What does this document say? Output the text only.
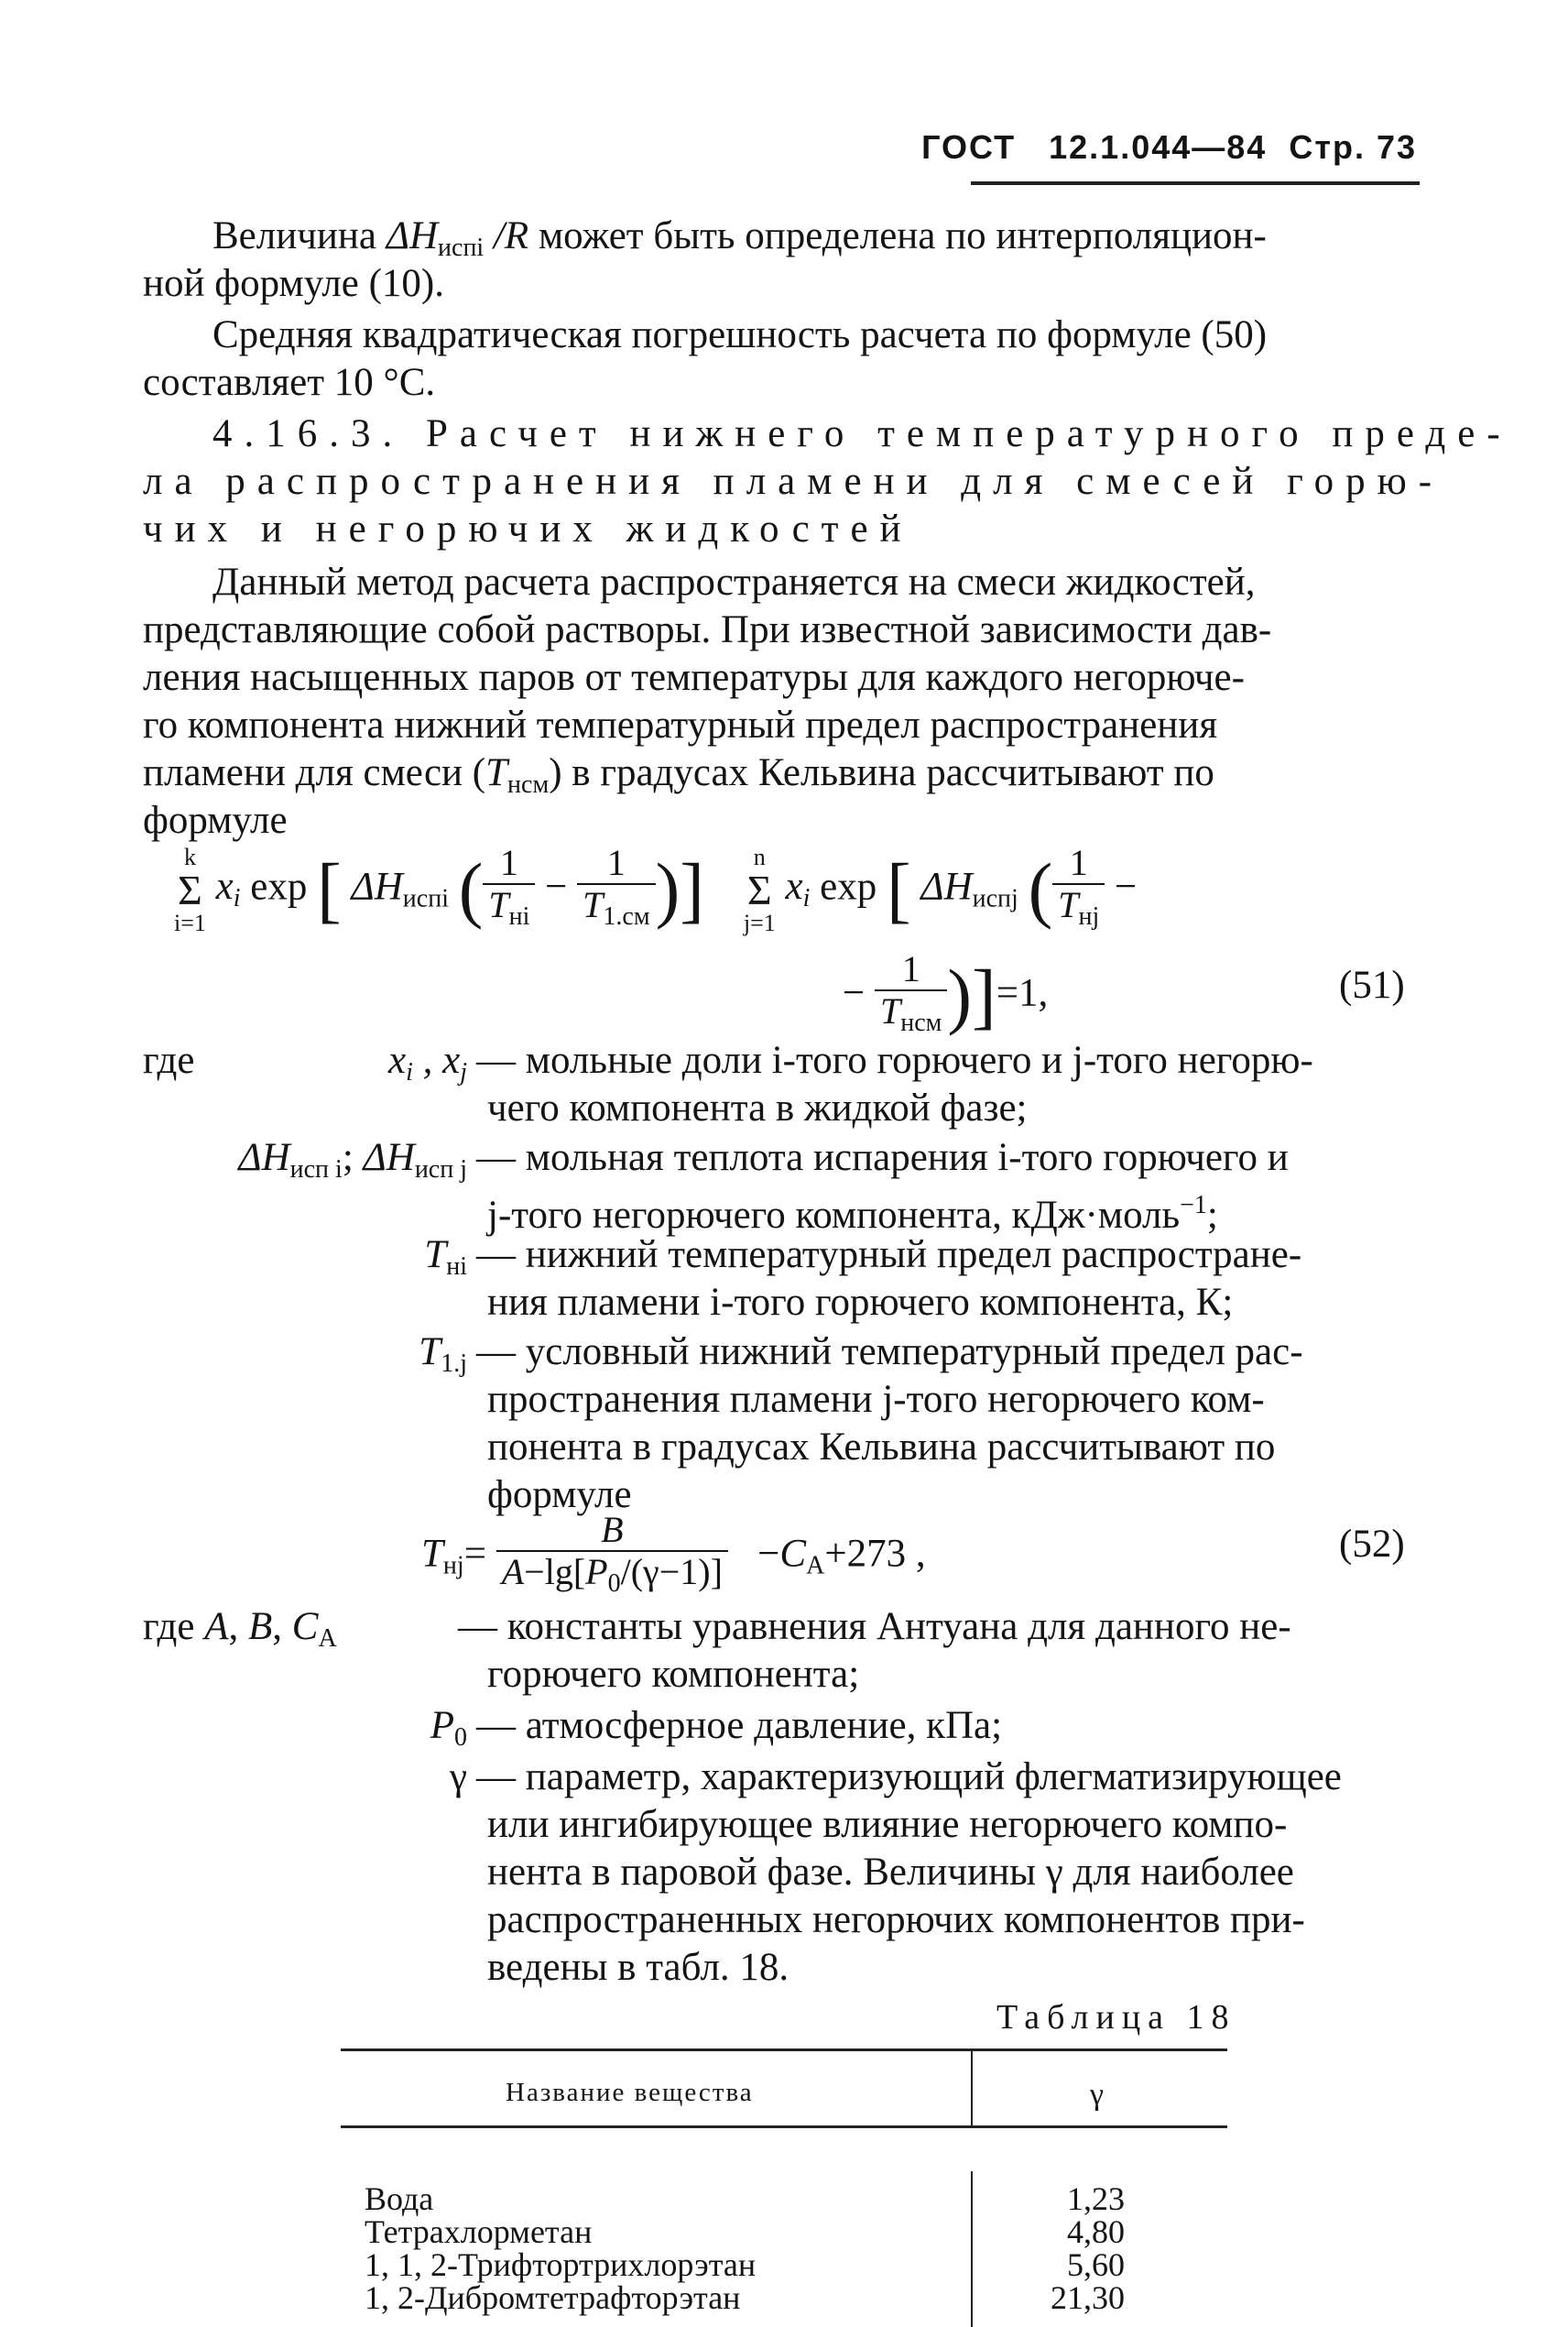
ГОСТ 12.1.044—84 Стр. 73
Величина $\Delta H_{испi}$ /R может быть определена по интерполяцион-
ной формуле (10).
Средняя квадратическая погрешность расчета по формуле (50)
составляет 10 °С.
4.16.3. Расчет нижнего температурного преде-
ла распространения пламени для смесей горю-
чих и негорючих жидкостей
Данный метод расчета распространяется на смеси жидкостей,
представляющие собой растворы. При известной зависимости дав-
ления насыщенных паров от температуры для каждого негорюче-
го компонента нижний температурный предел распространения
пламени для смеси $(T_{нсм})$ в градусах Кельвина рассчитывают по
формуле
k
Σ
i=1 $x_i$ exp [ $\Delta H_{испi}$ ( $\frac{1}{T_{нi}} - \frac{1}{T_{1.см}}$ )] n
Σ
j=1 $x_i$ exp [ $\Delta H_{испj}$ ( $\frac{1}{T_{нj}}$ −
− $\frac{1}{T_{нсм}} )]=1$,	(51)
где	$x_i$ , $x_j$ — мольные доли i-того горючего и j-того негорю-
чего компонента в жидкой фазе;
$\Delta H_{исп i}$; $\Delta H_{исп j}$ — мольная теплота испарения i-того горючего и
j-того негорючего компонента, кДж·моль$^{-1}$;
$T_{нi}$ — нижний температурный предел распростране-
ния пламени i-того горючего компонента, К;
$T_{1.j}$ — условный нижний температурный предел рас-
пространения пламени j-того негорючего ком-
понента в градусах Кельвина рассчитывают по
формуле
$T_{нj}= \frac{B}{A-\lg[P_0/(\gamma-1)]} -C_A+273$ ,	(52)
где A, B, $C_A$	— константы уравнения Антуана для данного не-
горючего компонента;
$P_0$ — атмосферное давление, кПа;
γ — параметр, характеризующий флегматизирующее
или ингибирующее влияние негорючего компо-
нента в паровой фазе. Величины γ для наиболее
распространенных негорючих компонентов при-
ведены в табл. 18.
Таблица 18
Название вещества	γ
Вода	1,23
Тетрахлорметан	4,80
1, 1, 2-Трифтортрихлорэтан	5,60
1, 2-Дибромтетрафторэтан	21,30
